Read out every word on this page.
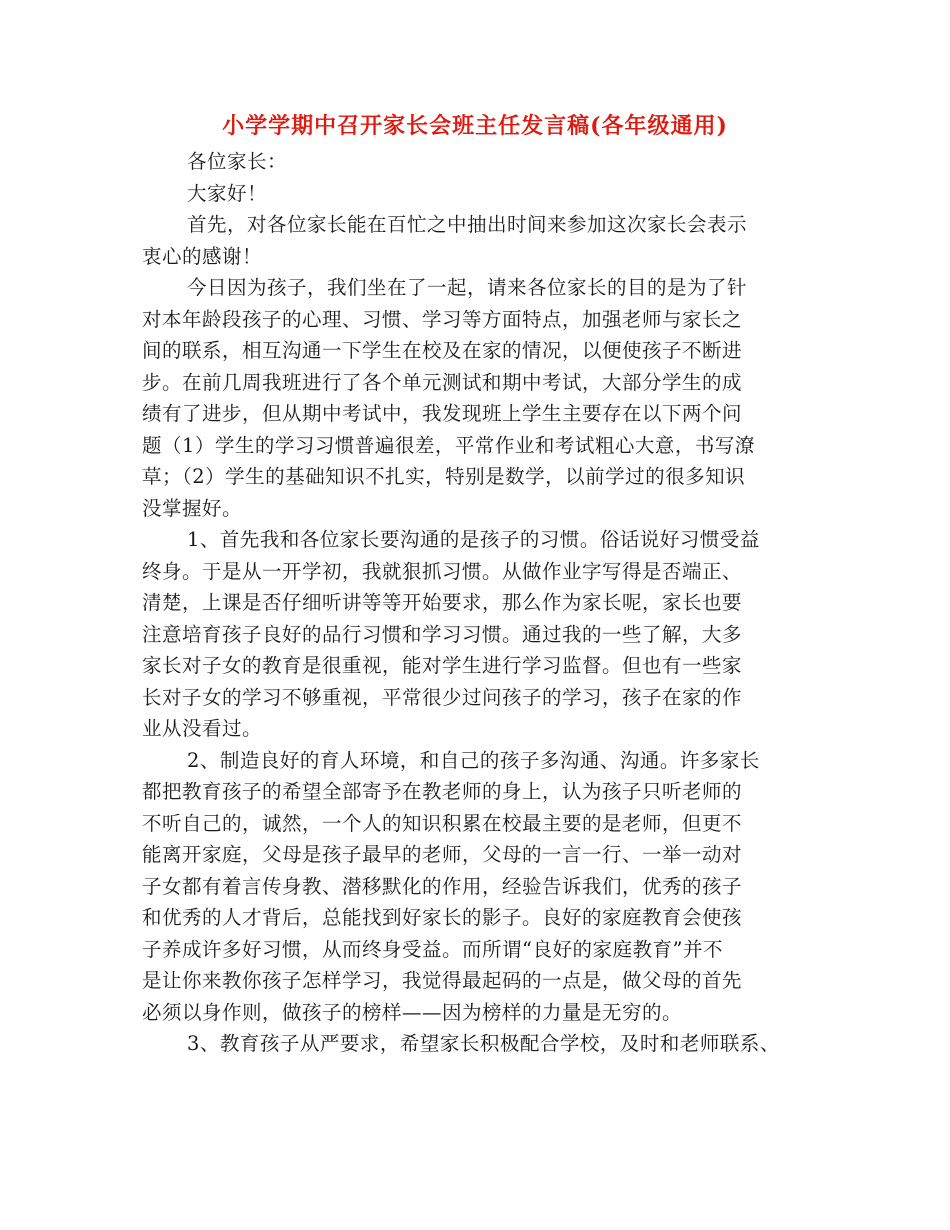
小学学期中召开家长会班主任发言稿(各年级通用)
各位家长：
大家好！
首先，对各位家长能在百忙之中抽出时间来参加这次家长会表示
衷心的感谢！
今日因为孩子，我们坐在了一起，请来各位家长的目的是为了针
对本年龄段孩子的心理、习惯、学习等方面特点，加强老师与家长之
间的联系，相互沟通一下学生在校及在家的情况，以便使孩子不断进
步。在前几周我班进行了各个单元测试和期中考试，大部分学生的成
绩有了进步，但从期中考试中，我发现班上学生主要存在以下两个问
题（1）学生的学习习惯普遍很差，平常作业和考试粗心大意，书写潦
草；（2）学生的基础知识不扎实，特别是数学，以前学过的很多知识
没掌握好。
1、首先我和各位家长要沟通的是孩子的习惯。俗话说好习惯受益
终身。于是从一开学初，我就狠抓习惯。从做作业字写得是否端正、
清楚，上课是否仔细听讲等等开始要求，那么作为家长呢，家长也要
注意培育孩子良好的品行习惯和学习习惯。通过我的一些了解，大多
家长对子女的教育是很重视，能对学生进行学习监督。但也有一些家
长对子女的学习不够重视，平常很少过问孩子的学习，孩子在家的作
业从没看过。
2、制造良好的育人环境，和自己的孩子多沟通、沟通。许多家长
都把教育孩子的希望全部寄予在教老师的身上，认为孩子只听老师的
不听自己的，诚然，一个人的知识积累在校最主要的是老师，但更不
能离开家庭，父母是孩子最早的老师，父母的一言一行、一举一动对
子女都有着言传身教、潜移默化的作用，经验告诉我们，优秀的孩子
和优秀的人才背后，总能找到好家长的影子。良好的家庭教育会使孩
子养成许多好习惯，从而终身受益。而所谓“良好的家庭教育”并不
是让你来教你孩子怎样学习，我觉得最起码的一点是，做父母的首先
必须以身作则，做孩子的榜样——因为榜样的力量是无穷的。
3、教育孩子从严要求，希望家长积极配合学校，及时和老师联系、
